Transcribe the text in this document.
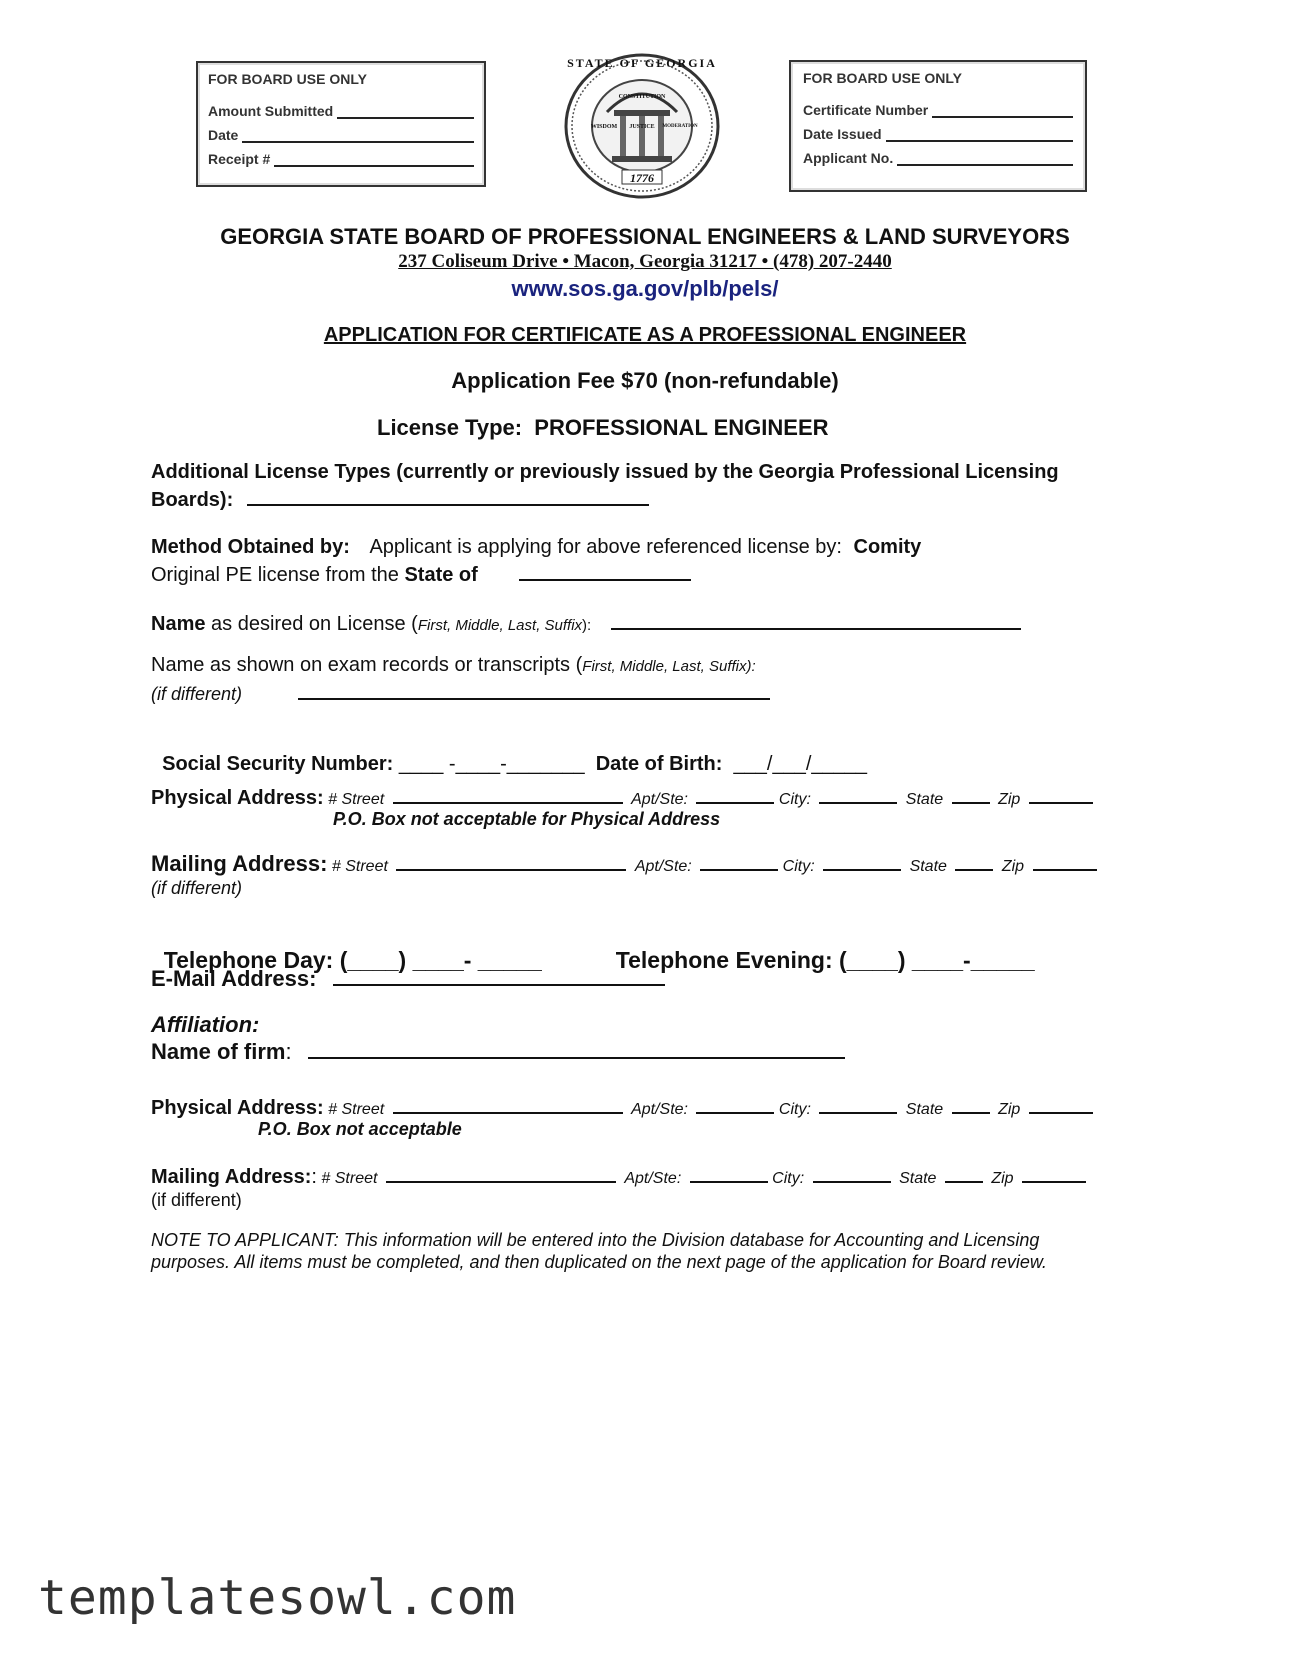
FOR BOARD USE ONLY
Amount Submitted
Date
Receipt #
STATE OF GEORGIA
CONSTITUTION
WISDOM	JUSTICE	MODERATION
1776
FOR BOARD USE ONLY
Certificate Number
Date Issued
Applicant No.
GEORGIA STATE BOARD OF PROFESSIONAL ENGINEERS & LAND SURVEYORS
237 Coliseum Drive • Macon, Georgia 31217 • (478) 207-2440
www.sos.ga.gov/plb/pels/
APPLICATION FOR CERTIFICATE AS A PROFESSIONAL ENGINEER
Application Fee $70 (non-refundable)
License Type:  PROFESSIONAL ENGINEER
Additional License Types (currently or previously issued by the Georgia Professional Licensing
Boards):
Method Obtained by: Applicant is applying for above referenced license by: Comity
Original PE license from the State of
Name as desired on License (First, Middle, Last, Suffix):
Name as shown on exam records or transcripts (First, Middle, Last, Suffix):
(if different)

Social Security Number: ____ -____-_______ Date of Birth: ___/___/_____

Physical Address: # Street	Apt/Ste:	City:	State	Zip
P.O. Box not acceptable for Physical Address
Mailing Address: # Street	Apt/Ste:	City:	State	Zip
(if different)

Telephone Day: (____) ____- _____	Telephone Evening: (____) ____-_____

E-Mail Address:
Affiliation:
Name of firm:
Physical Address: # Street	Apt/Ste:	City:	State	Zip
P.O. Box not acceptable
Mailing Address:: # Street	Apt/Ste:	City:	State	Zip
(if different)
NOTE TO APPLICANT: This information will be entered into the Division database for Accounting and Licensing purposes. All items must be completed, and then duplicated on the next page of the application for Board review.
templatesowl.com
